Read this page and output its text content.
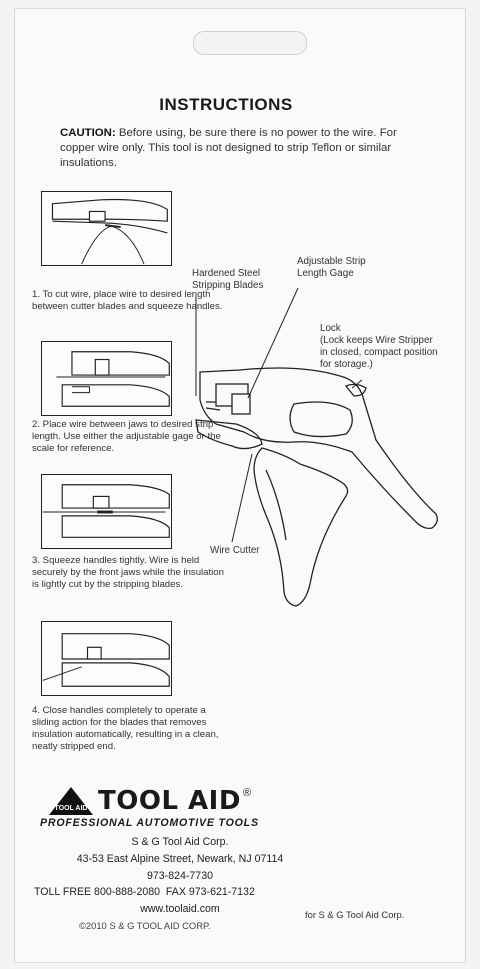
INSTRUCTIONS
CAUTION: Before using, be sure there is no power to the wire. For copper wire only. This tool is not designed to strip Teflon or similar insulations.
1. To cut wire, place wire to desired length between cutter blades and squeeze handles.
2. Place wire between jaws to desired strip length. Use either the adjustable gage or the scale for reference.
3. Squeeze handles tightly. Wire is held securely by the front jaws while the insulation is lightly cut by the stripping blades.
4. Close handles completely to operate a sliding action for the blades that removes insulation automatically, resulting in a clean, neatly stripped end.
Hardened Steel Stripping Blades
Adjustable Strip Length Gage
Lock
(Lock keeps Wire Stripper in closed, compact position for storage.)
Wire Cutter
TOOL AID TOOL AID ®
PROFESSIONAL AUTOMOTIVE TOOLS
S & G Tool Aid Corp.
43-53 East Alpine Street, Newark, NJ 07114
973-824-7730
TOLL FREE 800-888-2080  FAX 973-621-7132
www.toolaid.com
©2010 S & G TOOL AID CORP.
for S & G Tool Aid Corp.
